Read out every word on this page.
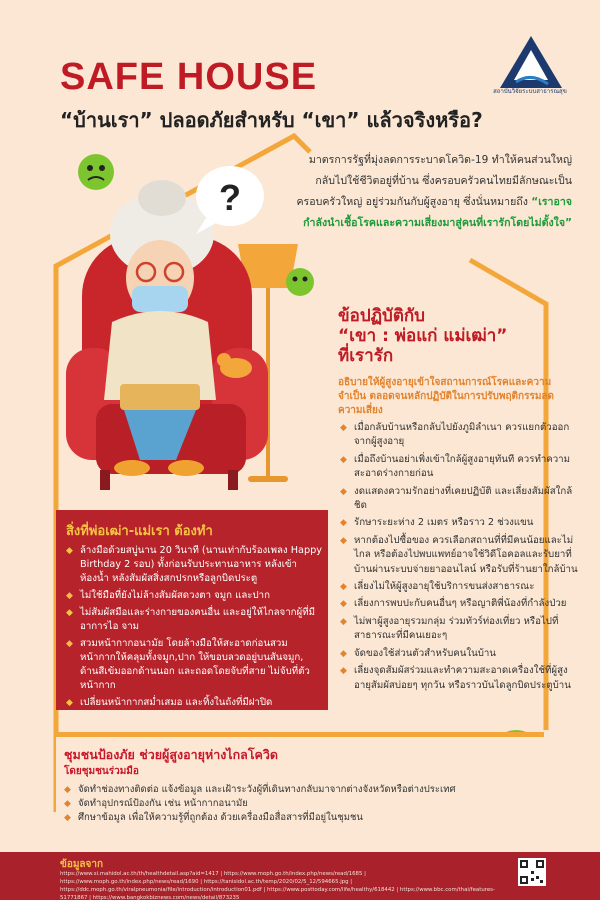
SAFE HOUSE
“บ้านเรา” ปลอดภัยสำหรับ “เขา” แล้วจริงหรือ?
สถาบันวิจัยระบบสาธารณสุข
?
มาตรการรัฐที่มุ่งลดการระบาดโควิด-19 ทำให้คนส่วนใหญ่กลับไปใช้ชีวิตอยู่ที่บ้าน ซึ่งครอบครัวคนไทยมีลักษณะเป็นครอบครัวใหญ่ อยู่ร่วมกันกับผู้สูงอายุ ซึ่งนั่นหมายถึง “เราอาจกำลังนำเชื้อโรคและความเสี่ยงมาสู่คนที่เรารักโดยไม่ตั้งใจ”
ข้อปฏิบัติกับ
“เขา : พ่อแก่ แม่เฒ่า”
ที่เรารัก
อธิบายให้ผู้สูงอายุเข้าใจสถานการณ์โรคและความจำเป็น ตลอดจนหลักปฏิบัติในการปรับพฤติกรรมลดความเสี่ยง
◆ เมื่อกลับบ้านหรือกลับไปยังภูมิลำเนา ควรแยกตัวออกจากผู้สูงอายุ
◆ เมื่อถึงบ้านอย่าเพิ่งเข้าใกล้ผู้สูงอายุทันที ควรทำความสะอาดร่างกายก่อน
◆ งดแสดงความรักอย่างที่เคยปฏิบัติ และเลี่ยงสัมผัสใกล้ชิด
◆ รักษาระยะห่าง 2 เมตร หรือราว 2 ช่วงแขน
◆ หากต้องไปซื้อของ ควรเลือกสถานที่ที่มีคนน้อยและไม่ไกล หรือต้องไปพบแพทย์อาจใช้วิดีโอคอลและรับยาที่บ้านผ่านระบบจ่ายยาออนไลน์ หรือรับที่ร้านยาใกล้บ้าน
◆ เลี่ยงไม่ให้ผู้สูงอายุใช้บริการขนส่งสาธารณะ
◆ เลี่ยงการพบปะกับคนอื่นๆ หรือญาติพี่น้องที่กำลังป่วย
◆ ไม่พาผู้สูงอายุรวมกลุ่ม ร่วมทัวร์ท่องเที่ยว หรือไปที่สาธารณะที่มีคนเยอะๆ
◆ จัดของใช้ส่วนตัวสำหรับคนในบ้าน
◆ เลี่ยงจุดสัมผัสร่วมและทำความสะอาดเครื่องใช้ที่ผู้สูงอายุสัมผัสบ่อยๆ ทุกวัน หรือราวบันไดลูกบิดประตูบ้าน
สิ่งที่พ่อเฒ่า-แม่เรา ต้องทำ
◆ ล้างมือด้วยสบู่นาน 20 วินาที (นานเท่ากับร้องเพลง Happy Birthday 2 รอบ) ทั้งก่อนรับประทานอาหาร หลังเข้าห้องน้ำ หลังสัมผัสสิ่งสกปรกหรือลูกบิดประตู
◆ ไม่ใช้มือที่ยังไม่ล้างสัมผัสดวงตา จมูก และปาก
◆ ไม่สัมผัสมือและร่างกายของคนอื่น และอยู่ให้ไกลจากผู้ที่มีอาการไอ จาม
◆ สวมหน้ากากอนามัย โดยล้างมือให้สะอาดก่อนสวม หน้ากากให้คลุมทั้งจมูก,ปาก ให้ขอบลวดอยู่บนสันจมูก, ด้านสีเข้มออกด้านนอก และถอดโดยจับที่สาย ไม่จับที่ตัวหน้ากาก
◆ เปลี่ยนหน้ากากสม่ำเสมอ และทิ้งในถังที่มีฝาปิด
ชุมชนป้องภัย ช่วยผู้สูงอายุห่างไกลโควิด
โดยชุมชนร่วมมือ
◆ จัดทำช่องทางติดต่อ แจ้งข้อมูล และเฝ้าระวังผู้ที่เดินทางกลับมาจากต่างจังหวัดหรือต่างประเทศ
◆ จัดทำอุปกรณ์ป้องกัน เช่น หน้ากากอนามัย
◆ ศึกษาข้อมูล เพื่อให้ความรู้ที่ถูกต้อง ด้วยเครื่องมือสื่อสารที่มีอยู่ในชุมชน
ข้อมูลจาก
https://www.si.mahidol.ac.th/th/healthdetail.asp?aid=1417 | https://www.moph.go.th/index.php/news/read/1685 | https://www.moph.go.th/index.php/news/read/1690 | https://tanisidol.ac.th/temp/2020/02/5_12/594665.jpg | https://ddc.moph.go.th/viralpneumonia/file/introduction/introduction01.pdf | https://www.posttoday.com/life/healthy/618442 | https://www.bbc.com/thai/features-51771867 | https://www.bangkokbiznews.com/news/detail/873235
